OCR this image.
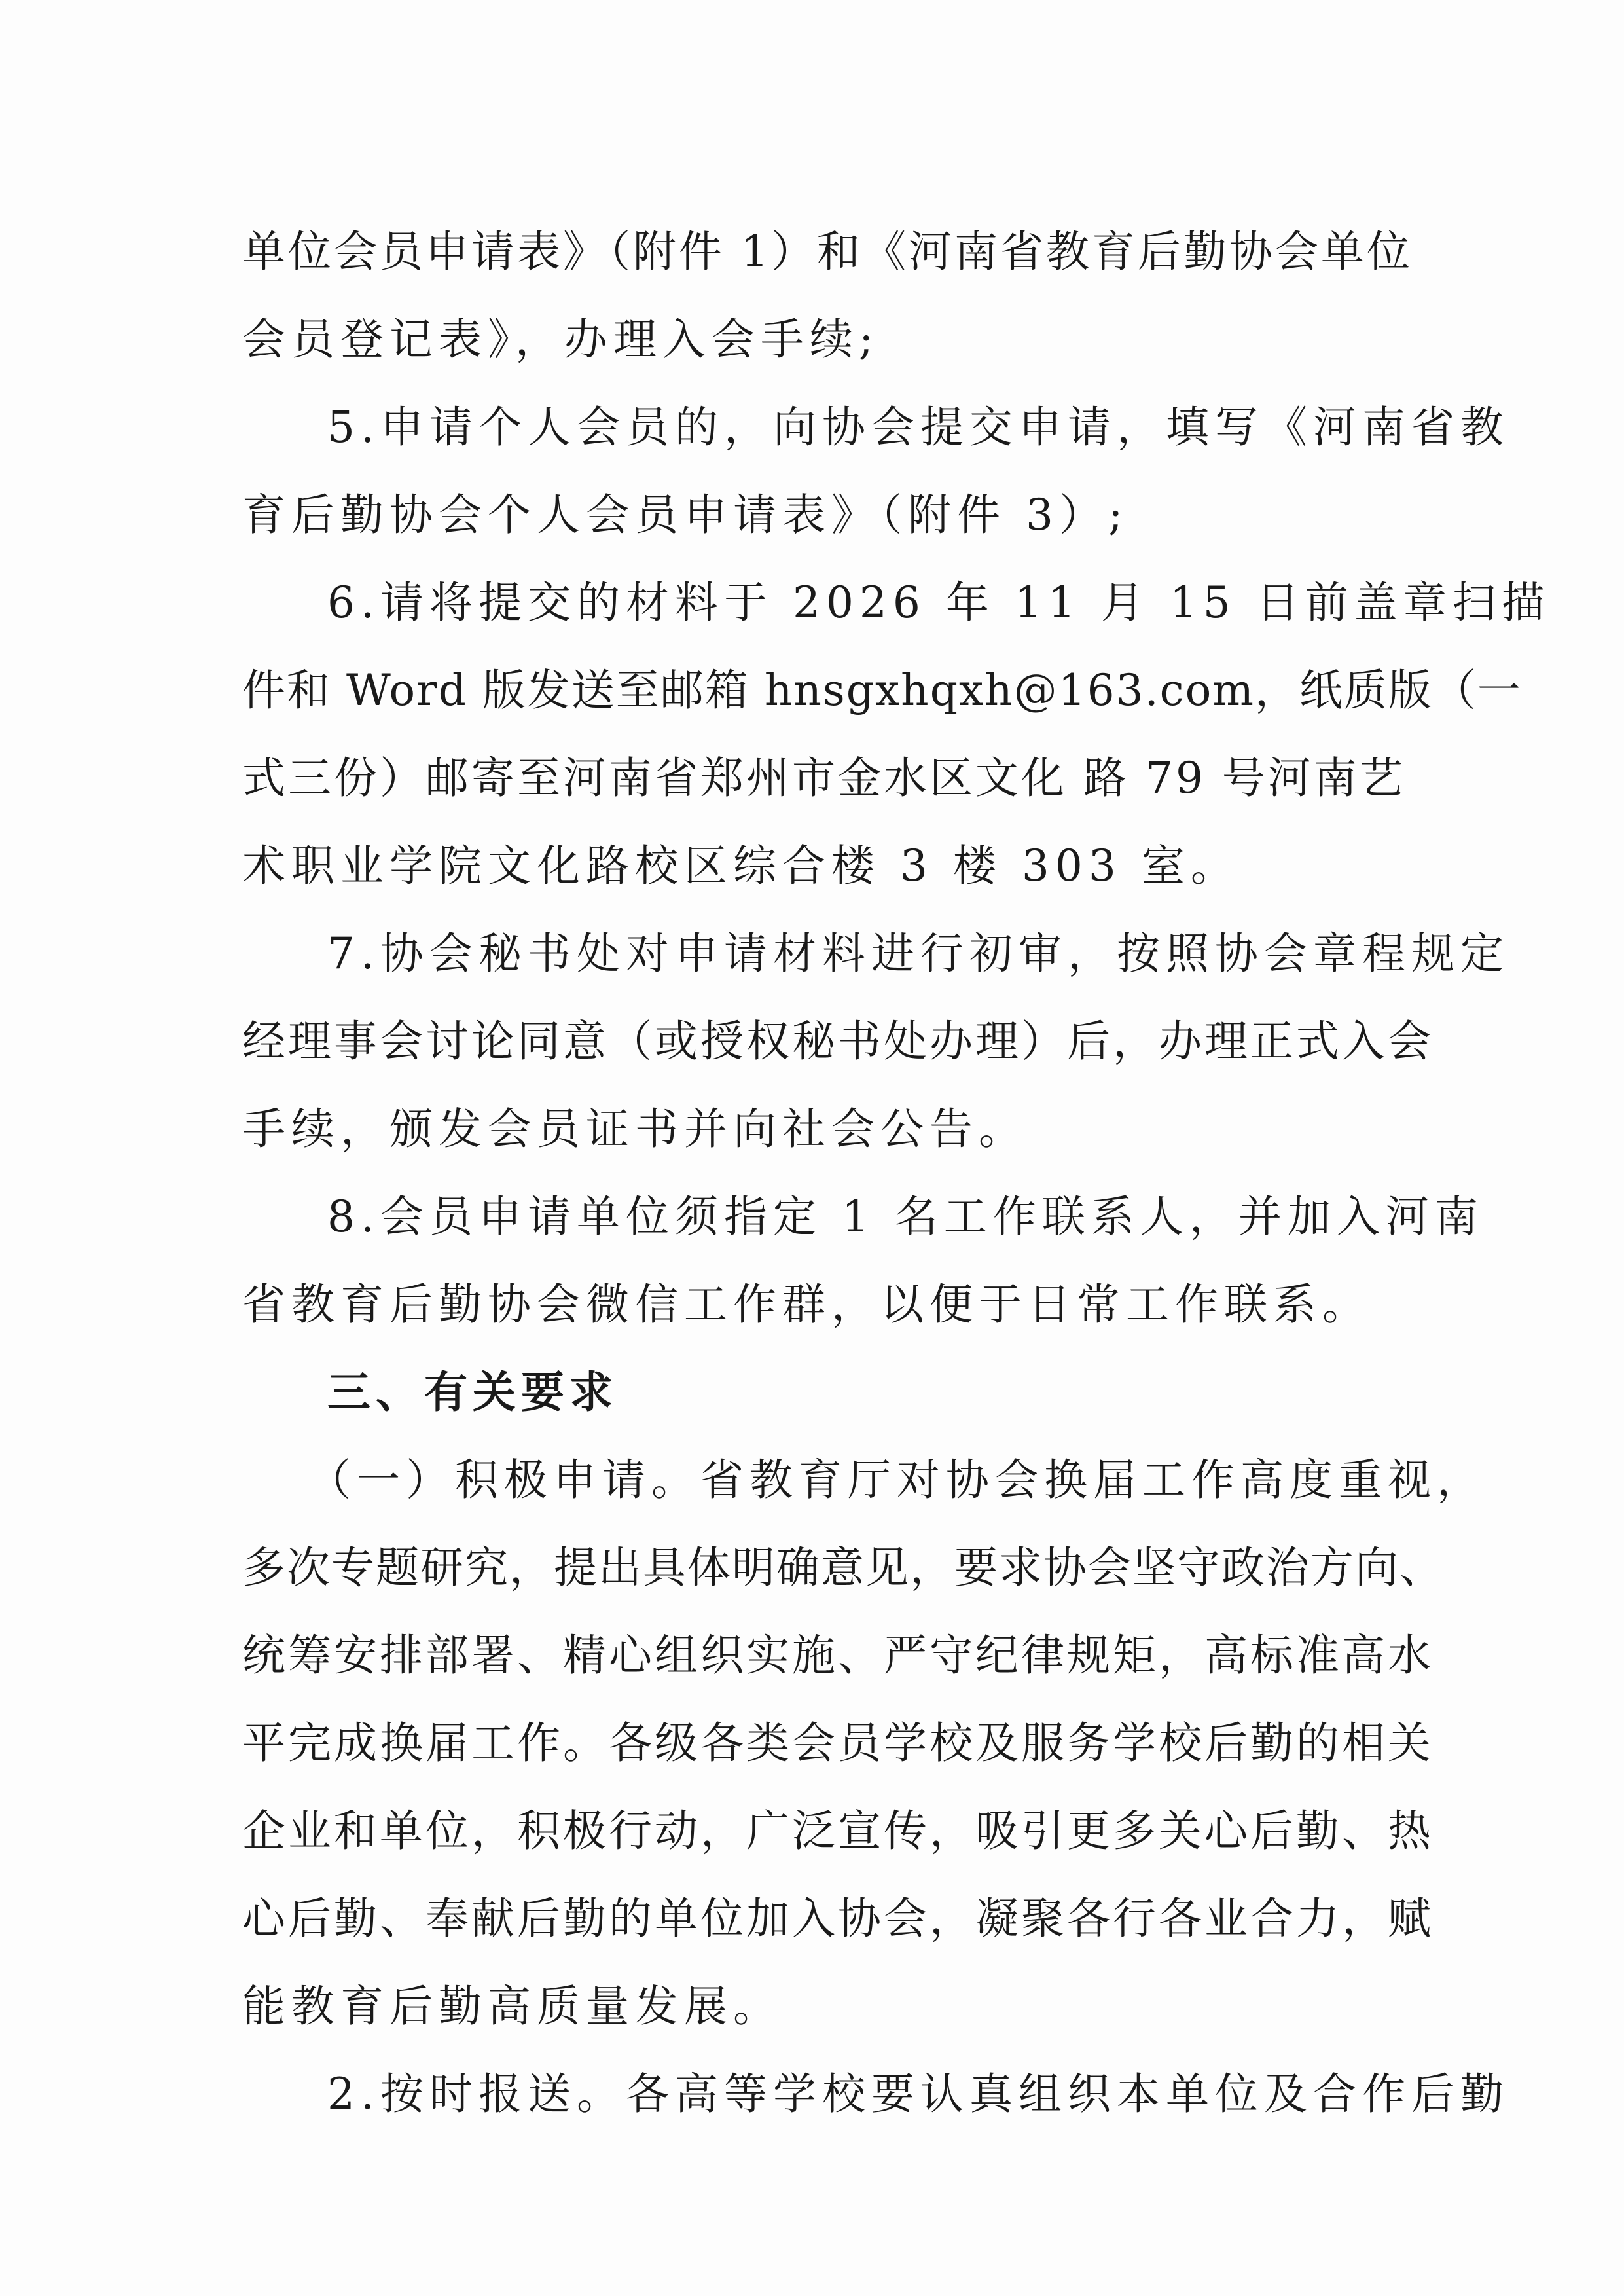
单位会员申请表》（附件 1）和《河南省教育后勤协会单位
会员登记表》，办理入会手续;
5.申请个人会员的，向协会提交申请，填写《河南省教
育后勤协会个人会员申请表》（附件 3）;
6.请将提交的材料于 2026 年 11 月 15 日前盖章扫描
件和 Word 版发送至邮箱 hnsgxhqxh@163.com，纸质版（一
式三份）邮寄至河南省郑州市金水区文化 路 79 号河南艺
术职业学院文化路校区综合楼 3 楼 303 室。
7.协会秘书处对申请材料进行初审，按照协会章程规定
经理事会讨论同意（或授权秘书处办理）后，办理正式入会
手续，颁发会员证书并向社会公告。
8.会员申请单位须指定 1 名工作联系人，并加入河南
省教育后勤协会微信工作群，以便于日常工作联系。
三、有关要求
（一）积极申请。省教育厅对协会换届工作高度重视，
多次专题研究，提出具体明确意见，要求协会坚守政治方向、
统筹安排部署、精心组织实施、严守纪律规矩，高标准高水
平完成换届工作。各级各类会员学校及服务学校后勤的相关
企业和单位，积极行动，广泛宣传，吸引更多关心后勤、热
心后勤、奉献后勤的单位加入协会，凝聚各行各业合力，赋
能教育后勤高质量发展。
2.按时报送。各高等学校要认真组织本单位及合作后勤
